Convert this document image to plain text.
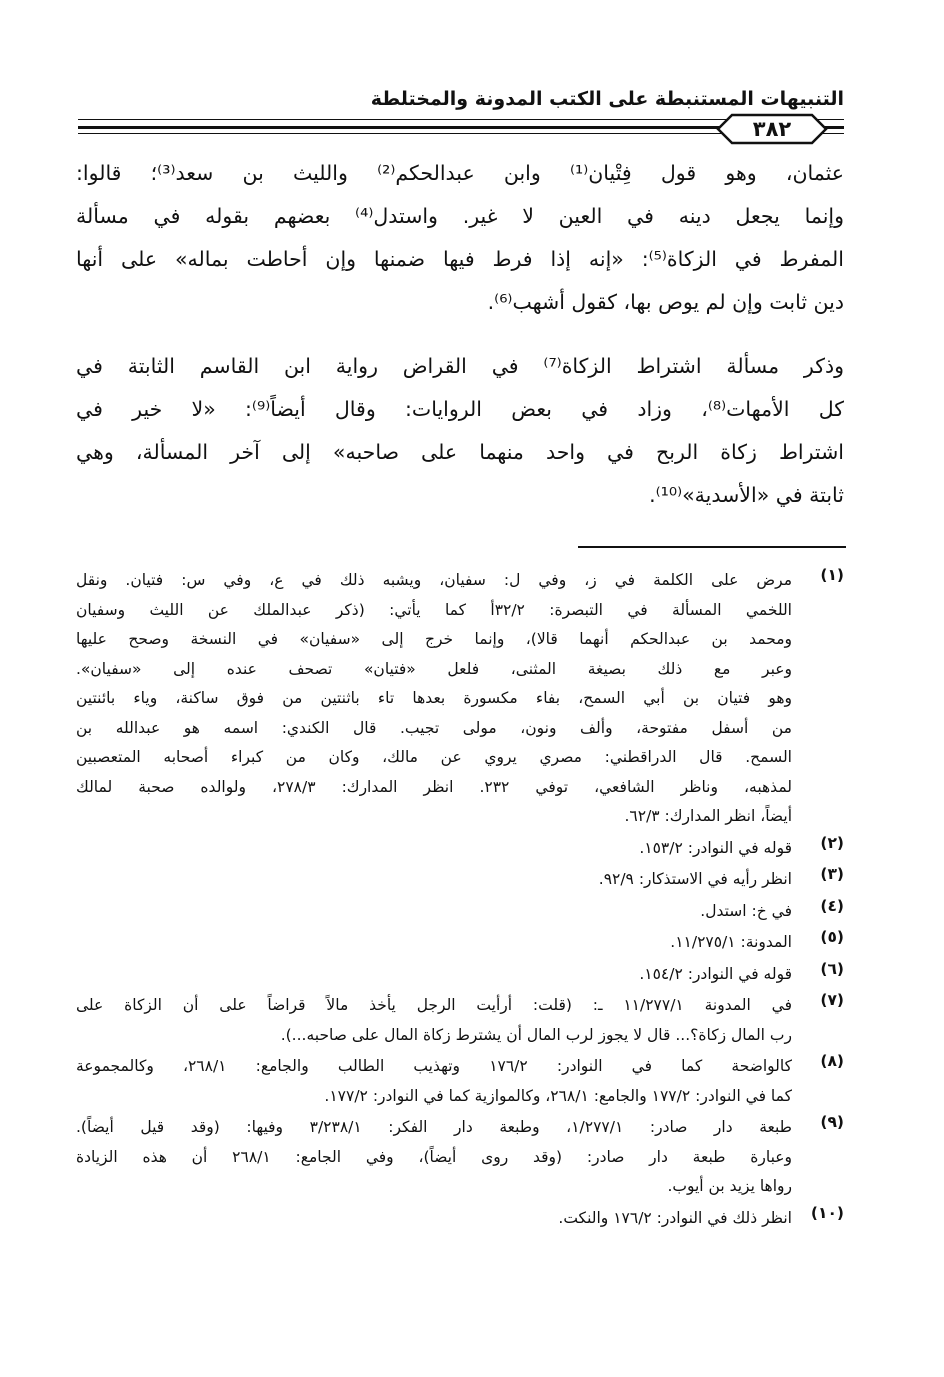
التنبيهات المستنبطة على الكتب المدونة والمختلطة
٣٨٢
عثمان، وهو قول فِتْيان⁽¹⁾ وابن عبدالحكم⁽²⁾ والليث بن سعد⁽³⁾؛ قالوا:
وإنما يجعل دينه في العين لا غير. واستدل⁽⁴⁾ بعضهم بقوله في مسألة
المفرط في الزكاة⁽⁵⁾: «إنه إذا فرط فيها ضمنها وإن أحاطت بماله» على أنها
دين ثابت وإن لم يوص بها، كقول أشهب⁽⁶⁾.
وذكر مسألة اشتراط الزكاة⁽⁷⁾ في القراض رواية ابن القاسم الثابتة في
كل الأمهات⁽⁸⁾، وزاد في بعض الروايات: وقال أيضاً⁽⁹⁾: «لا خير في
اشتراط زكاة الربح في واحد منهما على صاحبه» إلى آخر المسألة، وهي
ثابتة في «الأسدية»⁽¹⁰⁾.
(١)
مرض على الكلمة في ز، وفي ل: سفيان، ويشبه ذلك في ع، وفي س: فتيان. ونقل
اللخمي المسألة في التبصرة: ٣٢/٢أ كما يأتي: (ذكر عبدالملك عن الليث وسفيان
ومحمد بن عبدالحكم أنهما قالا)، وإنما خرج إلى «سفيان» في النسخة وصحح عليها
وعبر مع ذلك بصيغة المثنى، فلعل «فتيان» تصحف عنده إلى «سفيان».
وهو فتيان بن أبي السمح، بفاء مكسورة بعدها تاء باثنتين من فوق ساكنة، وياء بائنتين
من أسفل مفتوحة، وألف ونون، مولى تجيب. قال الكندي: اسمه هو عبدالله بن
السمح. قال الدراقطني: مصري يروي عن مالك، وكان من كبراء أصحابه المتعصبين
لمذهبه، وناظر الشافعي، توفي ٢٣٢. انظر المدارك: ٢٧٨/٣، ولوالده صحبة لمالك
أيضاً، انظر المدارك: ٦٢/٣.
(٢)
قوله في النوادر: ١٥٣/٢.
(٣)
انظر رأيه في الاستذكار: ٩٢/٩.
(٤)
في خ: استدل.
(٥)
المدونة: ١١/٢٧٥/١.
(٦)
قوله في النوادر: ١٥٤/٢.
(٧)
في المدونة ١١/٢٧٧/١ ـ: (قلت: أرأيت الرجل يأخذ مالاً قراضاً على أن الزكاة على
رب المال زكاة؟... قال لا يجوز لرب المال أن يشترط زكاة المال على صاحبه...).
(٨)
كالواضحة كما في النوادر: ١٧٦/٢ وتهذيب الطالب والجامع: ٢٦٨/١، وكالمجموعة
كما في النوادر: ١٧٧/٢ والجامع: ٢٦٨/١، وكالموازية كما في النوادر: ١٧٧/٢.
(٩)
طبعة دار صادر: ١/٢٧٧/١، وطبعة دار الفكر: ٣/٢٣٨/١ وفيها: (وقد قيل أيضاً).
وعبارة طبعة دار صادر: (وقد روى أيضاً)، وفي الجامع: ٢٦٨/١ أن هذه الزيادة
رواها يزيد بن أيوب.
(١٠)
انظر ذلك في النوادر: ١٧٦/٢ والنكت.
